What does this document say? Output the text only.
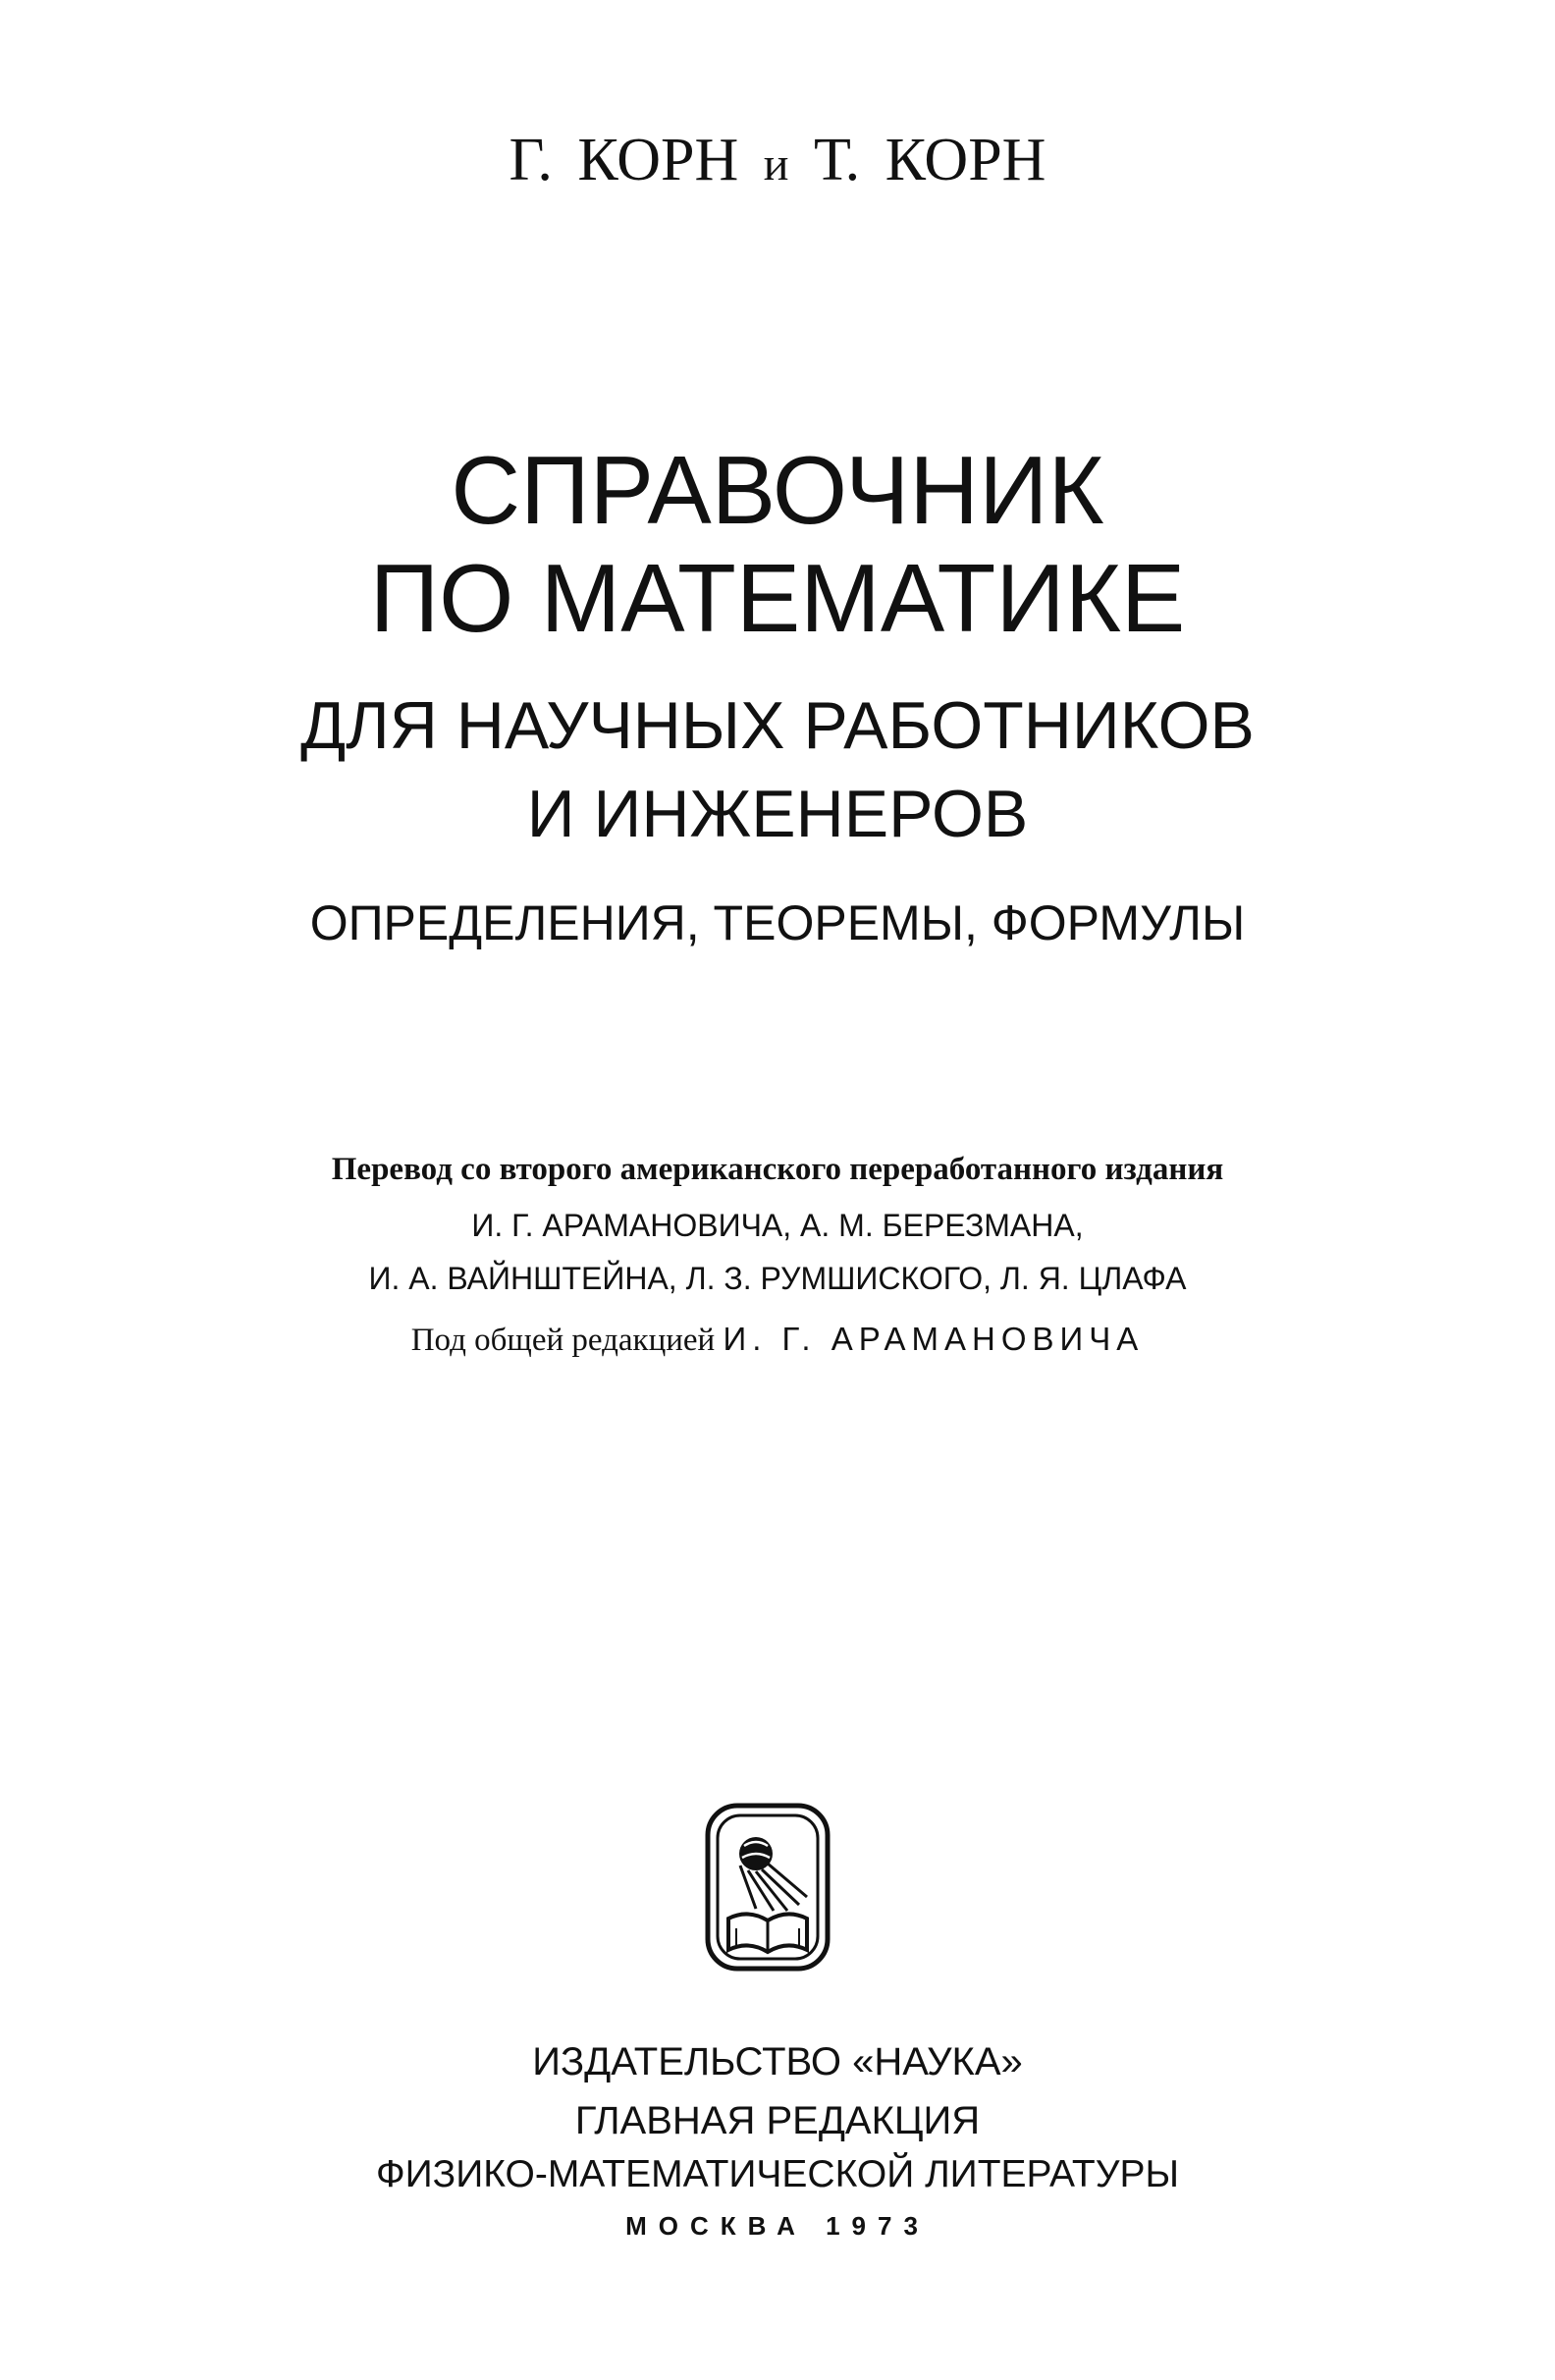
Г. КОРН и Т. КОРН
СПРАВОЧНИК
ПО МАТЕМАТИКЕ
ДЛЯ НАУЧНЫХ РАБОТНИКОВ
И ИНЖЕНЕРОВ
ОПРЕДЕЛЕНИЯ, ТЕОРЕМЫ, ФОРМУЛЫ
Перевод со второго американского переработанного издания
И. Г. АРАМАНОВИЧА, А. М. БЕРЕЗМАНА,
И. А. ВАЙНШТЕЙНА, Л. З. РУМШИСКОГО, Л. Я. ЦЛАФА
Под общей редакцией И. Г. АРАМАНОВИЧА
ИЗДАТЕЛЬСТВО «НАУКА»
ГЛАВНАЯ РЕДАКЦИЯ
ФИЗИКО-МАТЕМАТИЧЕСКОЙ ЛИТЕРАТУРЫ
МОСКВА 1973
